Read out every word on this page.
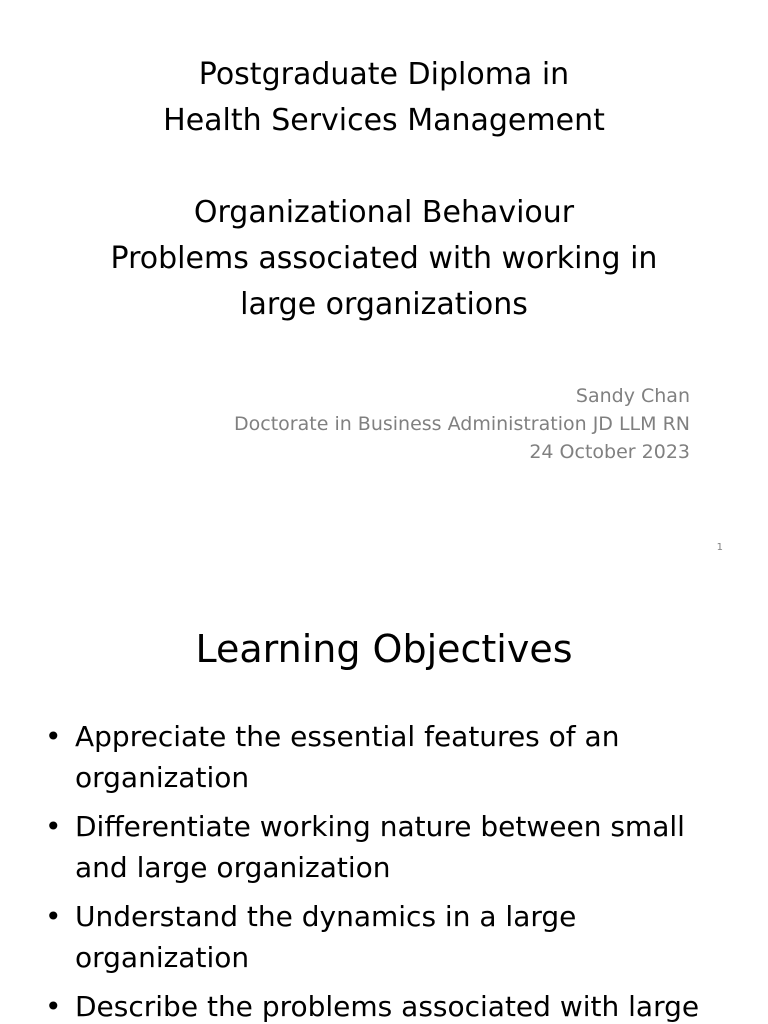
Postgraduate Diploma in
Health Services Management
Organizational Behaviour
Problems associated with working in
large organizations
Sandy Chan
Doctorate in Business Administration JD LLM RN
24 October 2023
1
Learning Objectives
• Appreciate the essential features of an organization
• Differentiate working nature between small and large organization
• Understand the dynamics in a large organization
• Describe the problems associated with large
